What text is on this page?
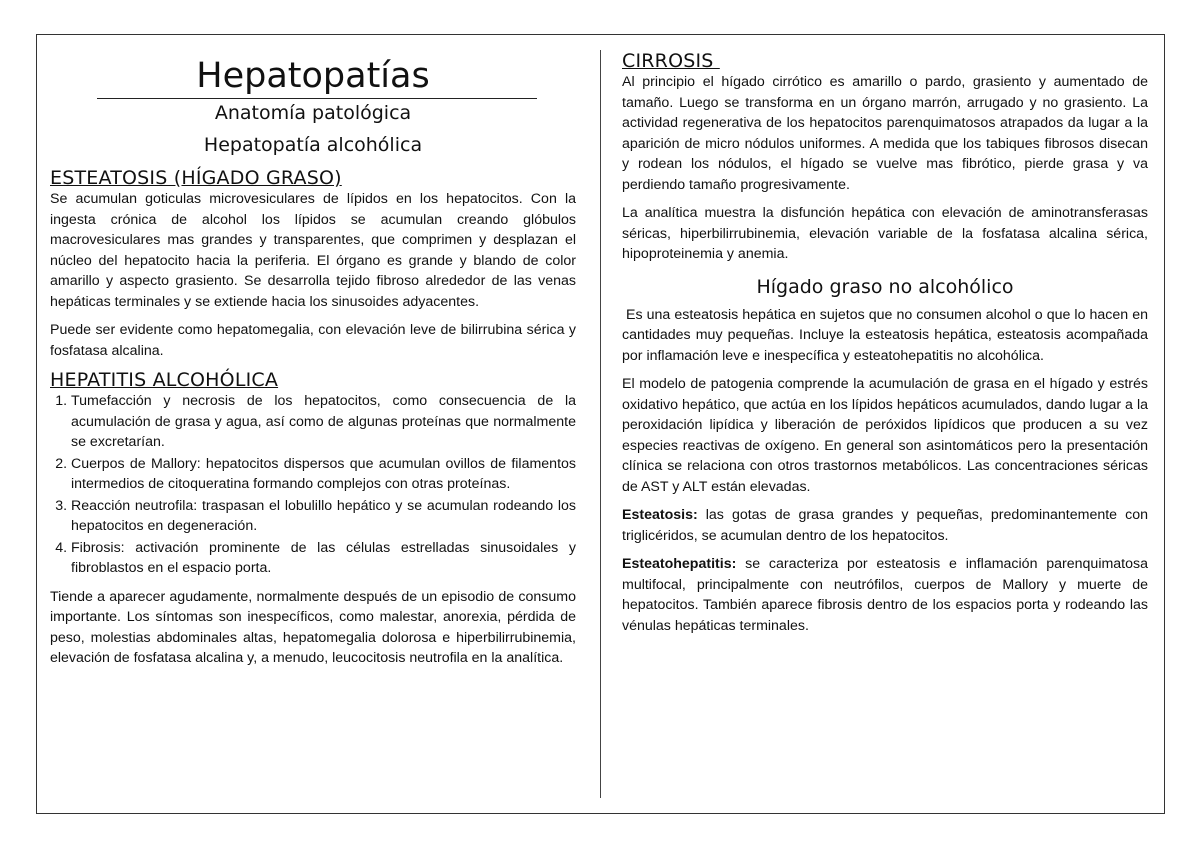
Hepatopatías
Anatomía patológica
Hepatopatía alcohólica
ESTEATOSIS (HÍGADO GRASO)

Se acumulan goticulas microvesiculares de lípidos en los hepatocitos. Con la ingesta crónica de alcohol los lípidos se acumulan creando glóbulos macrovesiculares mas grandes y transparentes, que comprimen y desplazan el núcleo del hepatocito hacia la periferia. El órgano es grande y blando de color amarillo y aspecto grasiento. Se desarrolla tejido fibroso alrededor de las venas hepáticas terminales y se extiende hacia los sinusoides adyacentes.

Puede ser evidente como hepatomegalia, con elevación leve de bilirrubina sérica y fosfatasa alcalina.

HEPATITIS ALCOHÓLICA
1. Tumefacción y necrosis de los hepatocitos, como consecuencia de la acumulación de grasa y agua, así como de algunas proteínas que normalmente se excretarían.
2. Cuerpos de Mallory: hepatocitos dispersos que acumulan ovillos de filamentos intermedios de citoqueratina formando complejos con otras proteínas.
3. Reacción neutrofila: traspasan el lobulillo hepático y se acumulan rodeando los hepatocitos en degeneración.
4. Fibrosis: activación prominente de las células estrelladas sinusoidales y fibroblastos en el espacio porta.

Tiende a aparecer agudamente, normalmente después de un episodio de consumo importante. Los síntomas son inespecíficos, como malestar, anorexia, pérdida de peso, molestias abdominales altas, hepatomegalia dolorosa e hiperbilirrubinemia, elevación de fosfatasa alcalina y, a menudo, leucocitosis neutrofila en la analítica.

CIRROSIS

Al principio el hígado cirrótico es amarillo o pardo, grasiento y aumentado de tamaño. Luego se transforma en un órgano marrón, arrugado y no grasiento. La actividad regenerativa de los hepatocitos parenquimatosos atrapados da lugar a la aparición de micro nódulos uniformes. A medida que los tabiques fibrosos disecan y rodean los nódulos, el hígado se vuelve mas fibrótico, pierde grasa y va perdiendo tamaño progresivamente.

La analítica muestra la disfunción hepática con elevación de aminotransferasas séricas, hiperbilirrubinemia, elevación variable de la fosfatasa alcalina sérica, hipoproteinemia y anemia.

Hígado graso no alcohólico

Es una esteatosis hepática en sujetos que no consumen alcohol o que lo hacen en cantidades muy pequeñas. Incluye la esteatosis hepática, esteatosis acompañada por inflamación leve e inespecífica y esteatohepatitis no alcohólica.

El modelo de patogenia comprende la acumulación de grasa en el hígado y estrés oxidativo hepático, que actúa en los lípidos hepáticos acumulados, dando lugar a la peroxidación lipídica y liberación de peróxidos lipídicos que producen a su vez especies reactivas de oxígeno. En general son asintomáticos pero la presentación clínica se relaciona con otros trastornos metabólicos. Las concentraciones séricas de AST y ALT están elevadas.

Esteatosis: las gotas de grasa grandes y pequeñas, predominantemente con triglicéridos, se acumulan dentro de los hepatocitos.

Esteatohepatitis: se caracteriza por esteatosis e inflamación parenquimatosa multifocal, principalmente con neutrófilos, cuerpos de Mallory y muerte de hepatocitos. También aparece fibrosis dentro de los espacios porta y rodeando las vénulas hepáticas terminales.
